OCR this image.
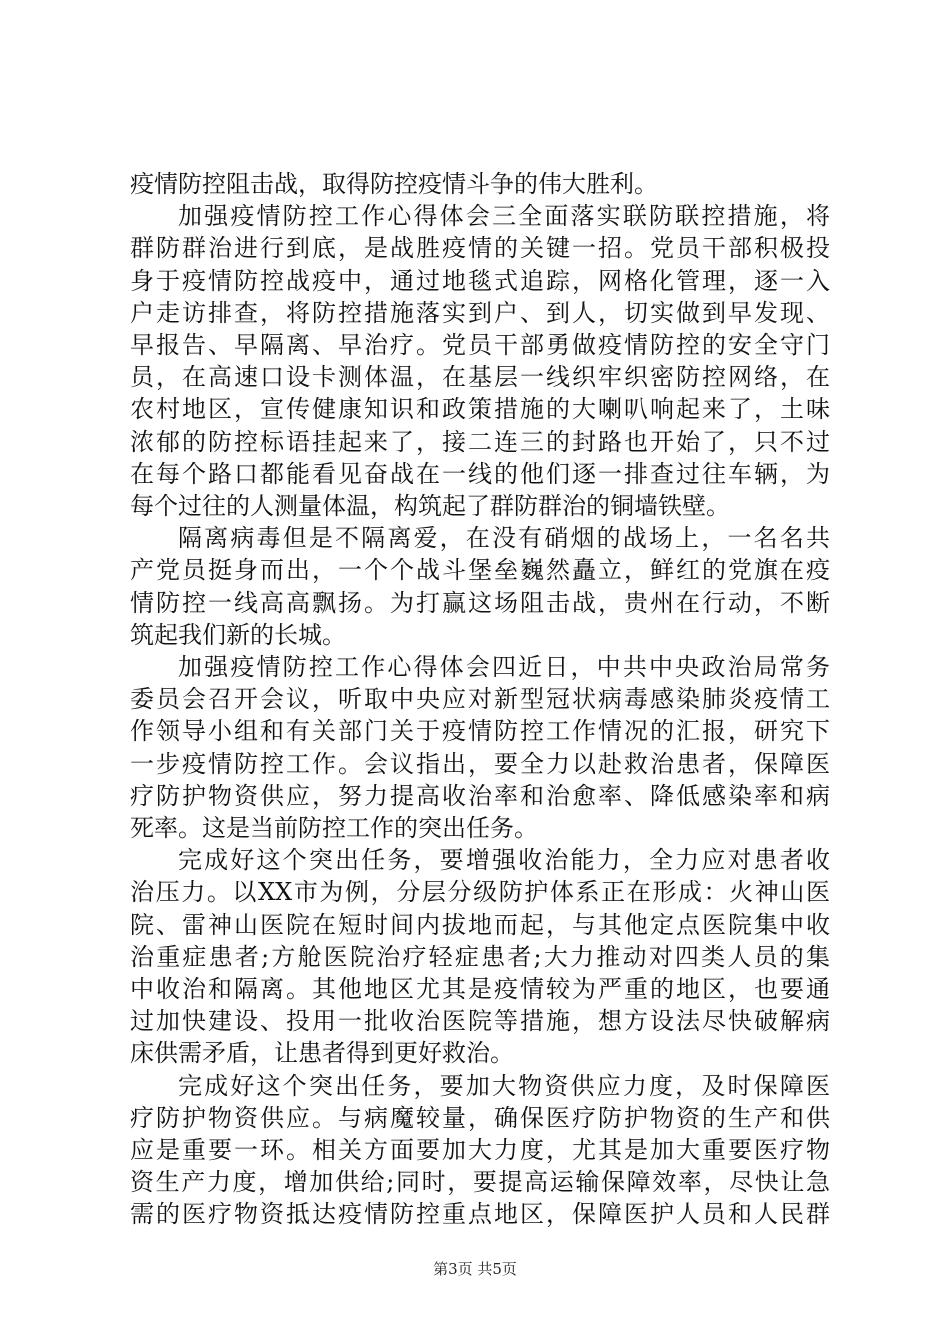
疫情防控阻击战，取得防控疫情斗争的伟大胜利。
加强疫情防控工作心得体会三全面落实联防联控措施，将
群防群治进行到底，是战胜疫情的关键一招。党员干部积极投
身于疫情防控战疫中，通过地毯式追踪，网格化管理，逐一入
户走访排查，将防控措施落实到户、到人，切实做到早发现、
早报告、早隔离、早治疗。党员干部勇做疫情防控的安全守门
员，在高速口设卡测体温，在基层一线织牢织密防控网络，在
农村地区，宣传健康知识和政策措施的大喇叭响起来了，土味
浓郁的防控标语挂起来了，接二连三的封路也开始了，只不过
在每个路口都能看见奋战在一线的他们逐一排查过往车辆，为
每个过往的人测量体温，构筑起了群防群治的铜墙铁壁。
隔离病毒但是不隔离爱，在没有硝烟的战场上，一名名共
产党员挺身而出，一个个战斗堡垒巍然矗立，鲜红的党旗在疫
情防控一线高高飘扬。为打赢这场阻击战，贵州在行动，不断
筑起我们新的长城。
加强疫情防控工作心得体会四近日，中共中央政治局常务
委员会召开会议，听取中央应对新型冠状病毒感染肺炎疫情工
作领导小组和有关部门关于疫情防控工作情况的汇报，研究下
一步疫情防控工作。会议指出，要全力以赴救治患者，保障医
疗防护物资供应，努力提高收治率和治愈率、降低感染率和病
死率。这是当前防控工作的突出任务。
完成好这个突出任务，要增强收治能力，全力应对患者收
治压力。以XX市为例，分层分级防护体系正在形成：火神山医
院、雷神山医院在短时间内拔地而起，与其他定点医院集中收
治重症患者;方舱医院治疗轻症患者;大力推动对四类人员的集
中收治和隔离。其他地区尤其是疫情较为严重的地区，也要通
过加快建设、投用一批收治医院等措施，想方设法尽快破解病
床供需矛盾，让患者得到更好救治。
完成好这个突出任务，要加大物资供应力度，及时保障医
疗防护物资供应。与病魔较量，确保医疗防护物资的生产和供
应是重要一环。相关方面要加大力度，尤其是加大重要医疗物
资生产力度，增加供给;同时，要提高运输保障效率，尽快让急
需的医疗物资抵达疫情防控重点地区，保障医护人员和人民群
第3页 共5页
